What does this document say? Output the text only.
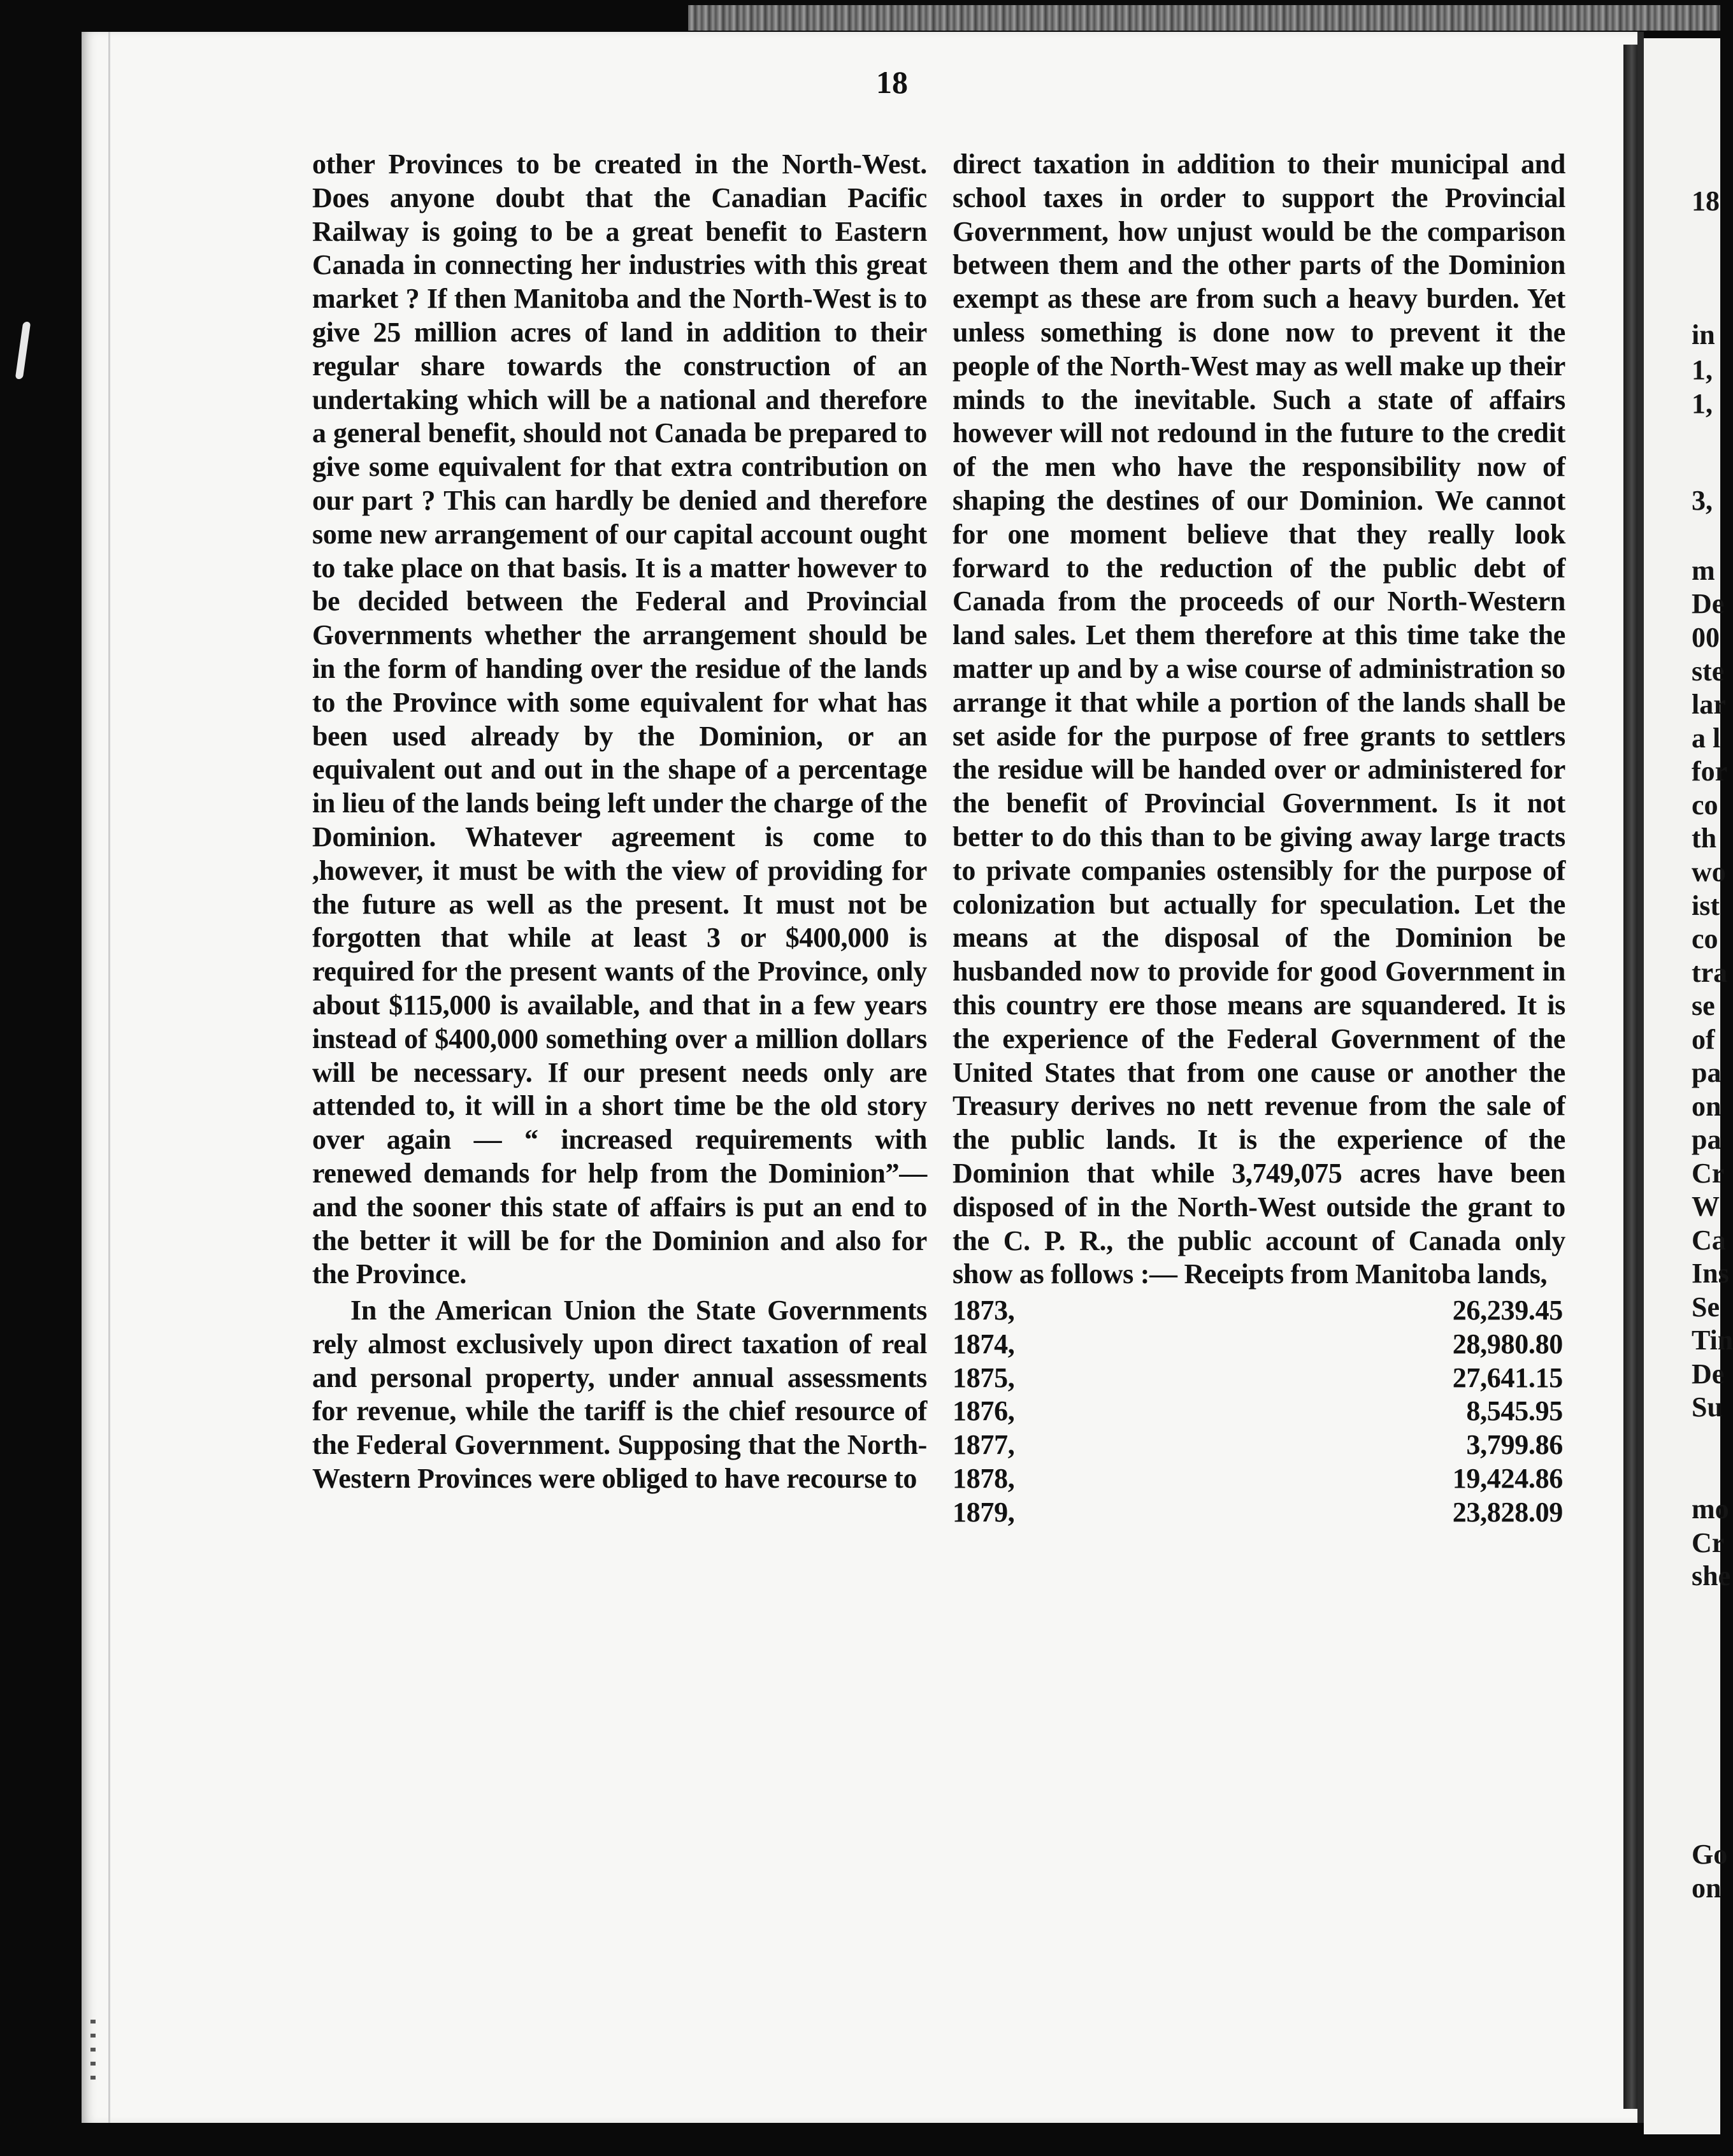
18

other Provinces to be created in the North-West. Does anyone doubt that the Canadian Pacific Railway is going to be a great benefit to Eastern Canada in connecting her industries with this great market ? If then Manitoba and the North-West is to give 25 million acres of land in addition to their regular share towards the construction of an undertaking which will be a national and therefore a general benefit, should not Canada be prepared to give some equivalent for that extra contribution on our part ? This can hardly be denied and therefore some new arrangement of our capital account ought to take place on that basis. It is a matter however to be decided between the Federal and Provincial Governments whether the arrangement should be in the form of handing over the residue of the lands to the Province with some equivalent for what has been used already by the Dominion, or an equivalent out and out in the shape of a percentage in lieu of the lands being left under the charge of the Dominion. Whatever agreement is come to ,however, it must be with the view of providing for the future as well as the present. It must not be forgotten that while at least 3 or $400,000 is required for the present wants of the Province, only about $115,000 is available, and that in a few years instead of $400,000 something over a million dollars will be necessary. If our present needs only are attended to, it will in a short time be the old story over again — “ increased requirements with renewed demands for help from the Dominion”—and the sooner this state of affairs is put an end to the better it will be for the Dominion and also for the Province.

In the American Union the State Governments rely almost exclusively upon direct taxation of real and personal property, under annual assessments for revenue, while the tariff is the chief resource of the Federal Government. Supposing that the North-Western Provinces were obliged to have recourse to

direct taxation in addition to their municipal and school taxes in order to support the Provincial Government, how unjust would be the comparison between them and the other parts of the Dominion exempt as these are from such a heavy burden. Yet unless something is done now to prevent it the people of the North-West may as well make up their minds to the inevitable. Such a state of affairs however will not redound in the future to the credit of the men who have the responsibility now of shaping the destines of our Dominion. We cannot for one moment believe that they really look forward to the reduction of the public debt of Canada from the proceeds of our North-Western land sales. Let them therefore at this time take the matter up and by a wise course of administration so arrange it that while a portion of the lands shall be set aside for the purpose of free grants to settlers the residue will be handed over or administered for the benefit of Provincial Government. Is it not better to do this than to be giving away large tracts to private companies ostensibly for the purpose of colonization but actually for speculation. Let the means at the disposal of the Dominion be husbanded now to provide for good Government in this country ere those means are squandered. It is the experience of the Federal Government of the United States that from one cause or another the Treasury derives no nett revenue from the sale of the public lands. It is the experience of the Dominion that while 3,749,075 acres have been disposed of in the North-West outside the grant to the C. P. R., the public account of Canada only show as follows :— Receipts from Manitoba lands,

1873,	26,239.45
1874,	28,980.80
1875,	27,641.15
1876,	8,545.95
1877,	3,799.86
1878,	19,424.86
1879,	23,828.09
18
in
1,
1,
3,
m
De
00
ste
lar
a l
for
co
th
wo
ist
co
tra
se
of
pa
on
pa
Cr
W
Ca
Ins
Se
Tin
De
Su
mo
Cr
she
Go
on
